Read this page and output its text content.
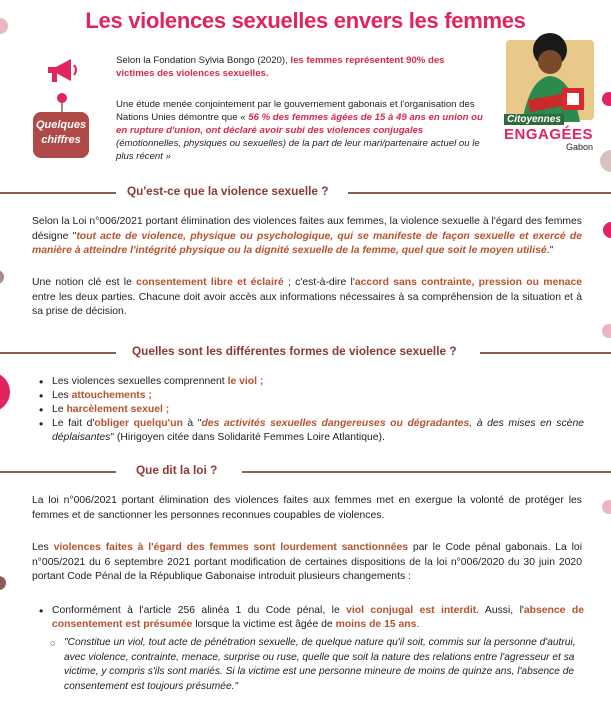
Les violences sexuelles envers les femmes
Quelques
chiffres
Selon la Fondation Sylvia Bongo (2020), les femmes représentent 90% des victimes des violences sexuelles.
Une étude menée conjointement par le gouvernement gabonais et l'organisation des Nations Unies démontre que « 56 % des femmes âgées de 15 à 49 ans en union ou en rupture d'union, ont déclaré avoir subi des violences conjugales (émotionnelles, physiques ou sexuelles) de la part de leur mari/partenaire actuel ou le plus récent »
Citoyennes
ENGAGÉES
Gabon
Qu'est-ce que la violence sexuelle ?
Selon la Loi n°006/2021 portant élimination des violences faites aux femmes, la violence sexuelle à l'égard des femmes désigne "tout acte de violence, physique ou psychologique, qui se manifeste de façon sexuelle et exercé de manière à atteindre l'intégrité physique ou la dignité sexuelle de la femme, quel que soit le moyen utilisé."
Une notion clé est le consentement libre et éclairé ; c'est-à-dire l'accord sans contrainte, pression ou menace entre les deux parties. Chacune doit avoir accès aux informations nécessaires à sa compréhension de la situation et à sa prise de décision.
Quelles sont les différentes formes de violence sexuelle ?
• Les violences sexuelles comprennent le viol ;
• Les attouchements ;
• Le harcèlement sexuel ;
• Le fait d'obliger quelqu'un à "des activités sexuelles dangereuses ou dégradantes, à des mises en scène déplaisantes" (Hirigoyen citée dans Solidarité Femmes Loire Atlantique).
Que dit la loi ?
La loi n°006/2021 portant élimination des violences faites aux femmes met en exergue la volonté de protéger les femmes et de sanctionner les personnes reconnues coupables de violences.
Les violences faites à l'égard des femmes sont lourdement sanctionnées par le Code pénal gabonais. La loi n°005/2021 du 6 septembre 2021 portant modification de certaines dispositions de la loi n°006/2020 du 30 juin 2020 portant Code Pénal de la République Gabonaise introduit plusieurs changements :
• Conformément à l'article 256 alinéa 1 du Code pénal, le viol conjugal est interdit. Aussi, l'absence de consentement est présumée lorsque la victime est âgée de moins de 15 ans.
○ "Constitue un viol, tout acte de pénétration sexuelle, de quelque nature qu'il soit, commis sur la personne d'autrui, avec violence, contrainte, menace, surprise ou ruse, quelle que soit la nature des relations entre l'agresseur et sa victime, y compris s'ils sont mariés. Si la victime est une personne mineure de moins de quinze ans, l'absence de consentement est toujours présumée."
